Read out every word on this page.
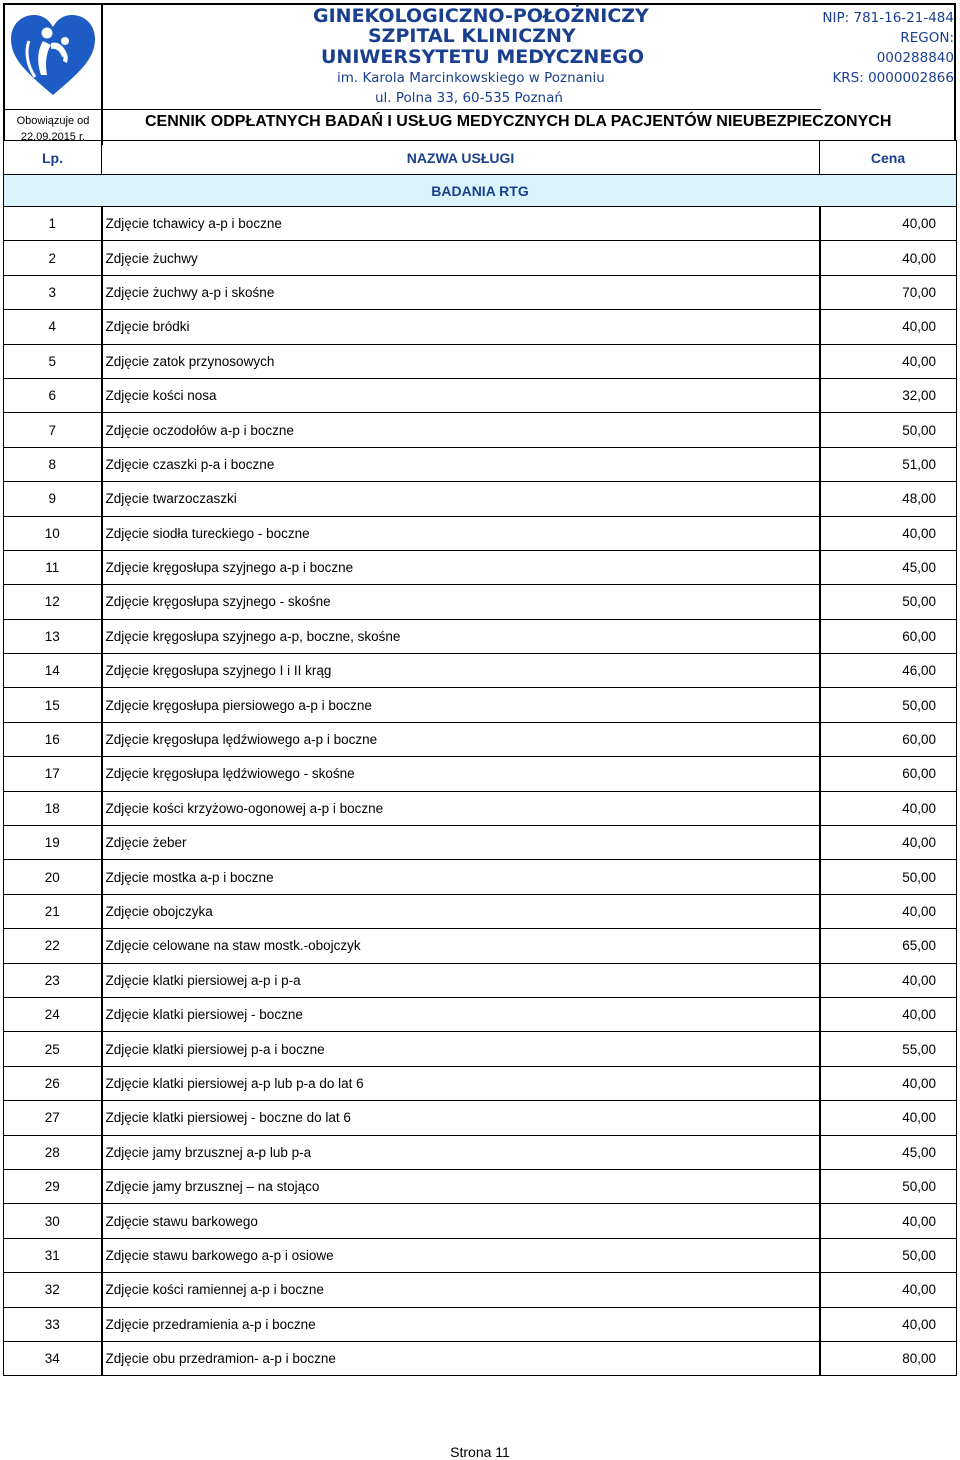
Obowiązuje od
22.09.2015 r.
GINEKOLOGICZNO-POŁOŻNICZY
SZPITAL KLINICZNY
UNIWERSYTETU MEDYCZNEGO
im. Karola Marcinkowskiego w Poznaniu
ul. Polna 33, 60-535 Poznań
CENNIK ODPŁATNYCH BADAŃ I USŁUG MEDYCZNYCH DLA PACJENTÓW NIEUBEZPIECZONYCH
NIP: 781-16-21-484
REGON: 000288840
KRS: 0000002866
Lp.	NAZWA USŁUGI	Cena
BADANIA RTG		
1	Zdjęcie tchawicy a-p i boczne	40,00
2	Zdjęcie żuchwy	40,00
3	Zdjęcie żuchwy a-p i skośne	70,00
4	Zdjęcie bródki	40,00
5	Zdjęcie zatok przynosowych	40,00
6	Zdjęcie kości nosa	32,00
7	Zdjęcie oczodołów a-p i boczne	50,00
8	Zdjęcie czaszki p-a i boczne	51,00
9	Zdjęcie twarzoczaszki	48,00
10	Zdjęcie siodła tureckiego - boczne	40,00
11	Zdjęcie kręgosłupa szyjnego a-p i boczne	45,00
12	Zdjęcie kręgosłupa szyjnego - skośne	50,00
13	Zdjęcie kręgosłupa szyjnego a-p, boczne, skośne	60,00
14	Zdjęcie kręgosłupa szyjnego I i II krąg	46,00
15	Zdjęcie kręgosłupa piersiowego a-p i boczne	50,00
16	Zdjęcie kręgosłupa lędźwiowego a-p i boczne	60,00
17	Zdjęcie kręgosłupa lędźwiowego - skośne	60,00
18	Zdjęcie kości krzyżowo-ogonowej a-p i boczne	40,00
19	Zdjęcie żeber	40,00
20	Zdjęcie mostka a-p i boczne	50,00
21	Zdjęcie obojczyka	40,00
22	Zdjęcie celowane na staw mostk.-obojczyk	65,00
23	Zdjęcie klatki piersiowej a-p i p-a	40,00
24	Zdjęcie klatki piersiowej - boczne	40,00
25	Zdjęcie klatki piersiowej p-a i boczne	55,00
26	Zdjęcie klatki piersiowej a-p lub p-a do lat 6	40,00
27	Zdjęcie klatki piersiowej - boczne do lat 6	40,00
28	Zdjęcie jamy brzusznej a-p lub p-a	45,00
29	Zdjęcie jamy brzusznej – na stojąco	50,00
30	Zdjęcie stawu barkowego	40,00
31	Zdjęcie stawu barkowego a-p i osiowe	50,00
32	Zdjęcie kości ramiennej a-p i boczne	40,00
33	Zdjęcie przedramienia a-p i boczne	40,00
34	Zdjęcie obu przedramion- a-p i boczne	80,00
Strona 11
